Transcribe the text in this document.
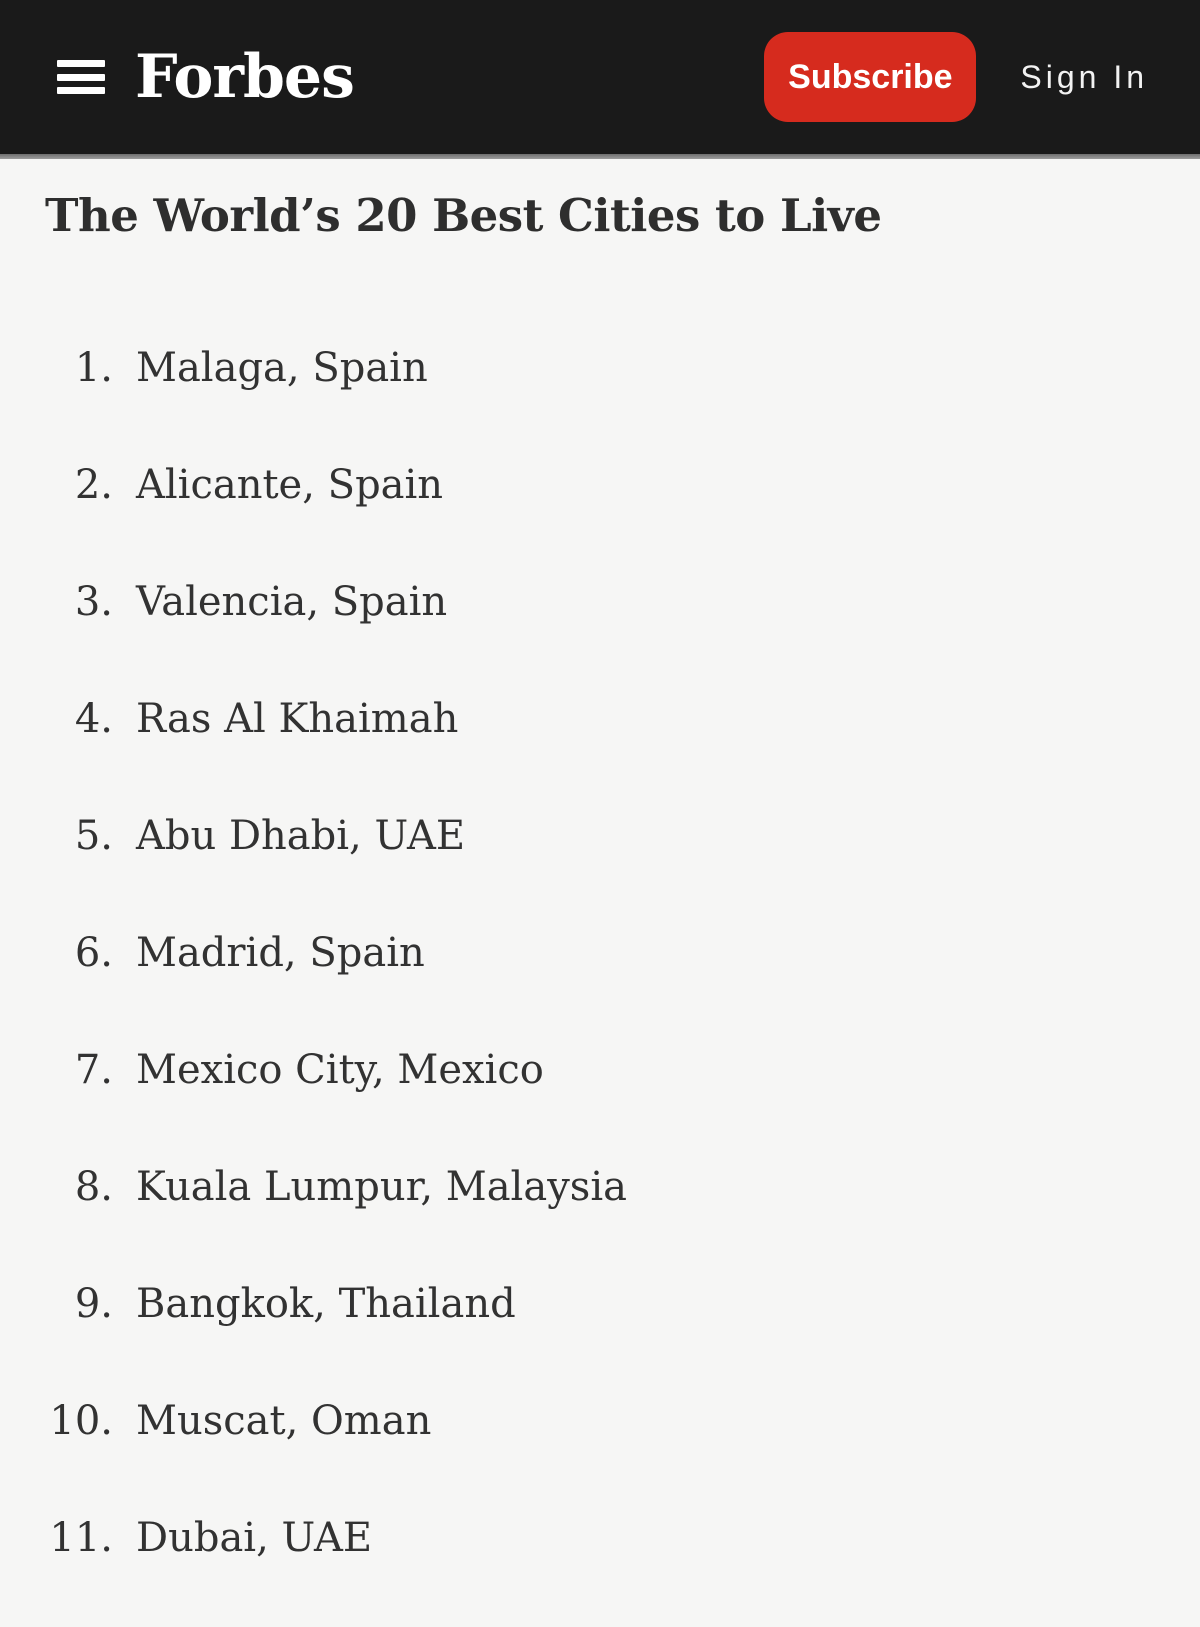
Forbes	Subscribe	Sign In
The World’s 20 Best Cities to Live
1. Malaga, Spain
2. Alicante, Spain
3. Valencia, Spain
4. Ras Al Khaimah
5. Abu Dhabi, UAE
6. Madrid, Spain
7. Mexico City, Mexico
8. Kuala Lumpur, Malaysia
9. Bangkok, Thailand
10. Muscat, Oman
11. Dubai, UAE
